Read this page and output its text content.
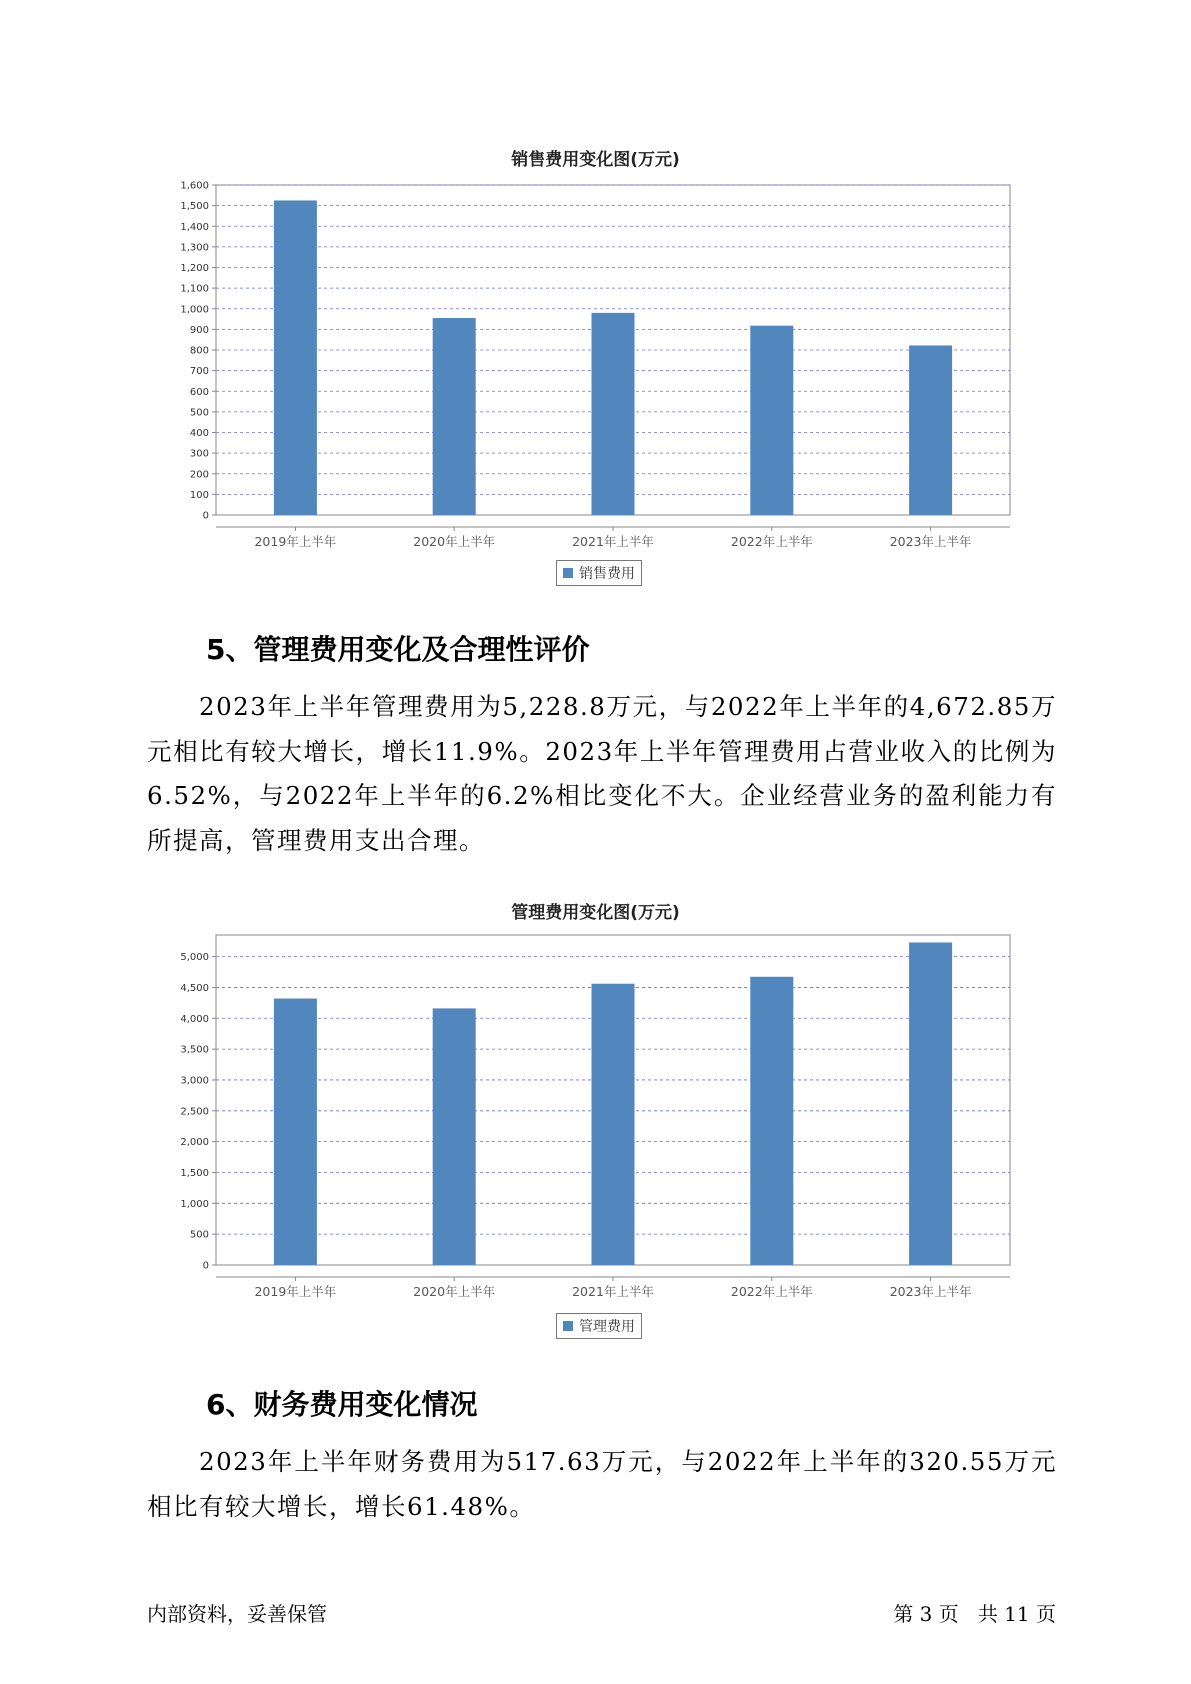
销售费用变化图(万元)
0
100
200
300
400
500
600
700
800
900
1,000
1,100
1,200
1,300
1,400
1,500
1,600
2019年上半年	2020年上半年	2021年上半年	2022年上半年	2023年上半年
销售费用
5、管理费用变化及合理性评价

2023年上半年管理费用为5,228.8万元，与2022年上半年的4,672.85万元相比有较大增长，增长11.9%。2023年上半年管理费用占营业收入的比例为6.52%，与2022年上半年的6.2%相比变化不大。企业经营业务的盈利能力有所提高，管理费用支出合理。

管理费用变化图(万元)
0
500
1,000
1,500
2,000
2,500
3,000
3,500
4,000
4,500
5,000
2019年上半年	2020年上半年	2021年上半年	2022年上半年	2023年上半年
管理费用
6、财务费用变化情况

2023年上半年财务费用为517.63万元，与2022年上半年的320.55万元相比有较大增长，增长61.48%。

内部资料，妥善保管	第 3 页   共 11 页
